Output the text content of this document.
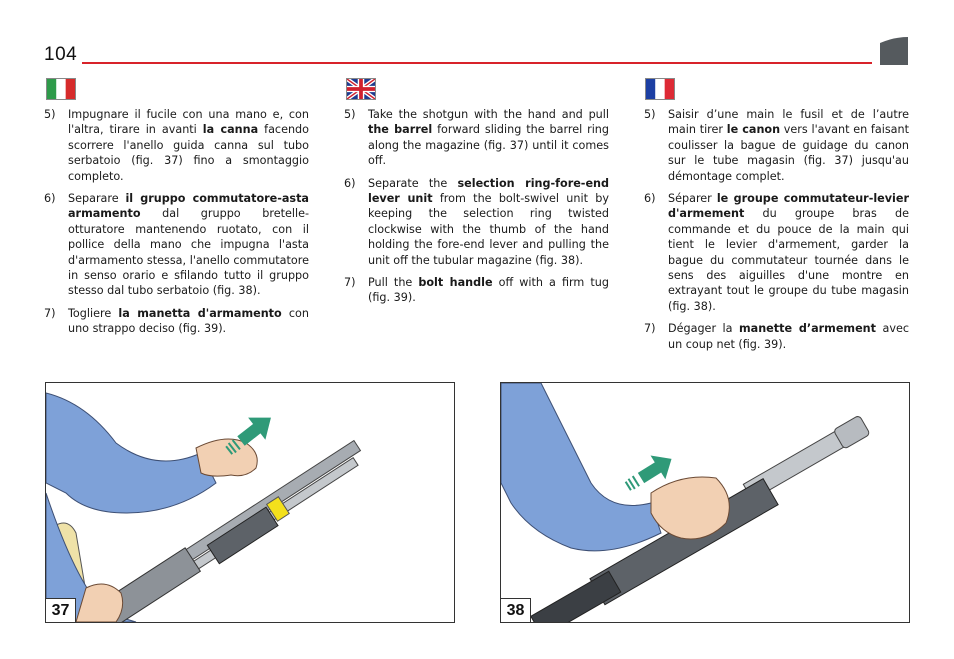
104

5) Impugnare il fucile con una mano e, con l'altra, tirare in avanti la canna facendo scorrere l'anello guida canna sul tubo serbatoio (fig. 37) fino a smontaggio completo.

6) Separare il gruppo commutatore-asta armamento dal gruppo bretelle-otturatore mantenendo ruotato, con il pollice della mano che impugna l'asta d'armamento stessa, l'anello commutatore in senso orario e sfilando tutto il gruppo stesso dal tubo serbatoio (fig. 38).

7) Togliere la manetta d'armamento con uno strappo deciso (fig. 39).

5) Take the shotgun with the hand and pull the barrel forward sliding the barrel ring along the magazine (fig. 37) until it comes off.

6) Separate the selection ring-fore-end lever unit from the bolt-swivel unit by keeping the selection ring twisted clockwise with the thumb of the hand holding the fore-end lever and pulling the unit off the tubular magazine (fig. 38).

7) Pull the bolt handle off with a firm tug (fig. 39).

5) Saisir d’une main le fusil et de l’autre main tirer le canon vers l'avant en faisant coulisser la bague de guidage du canon sur le tube magasin (fig. 37) jusqu'au démontage complet.

6) Séparer le groupe commutateur-levier d'armement du groupe bras de commande et du pouce de la main qui tient le levier d'armement, garder la bague du commutateur tournée dans le sens des aiguilles d'une montre en extrayant tout le groupe du tube magasin (fig. 38).

7) Dégager la manette d’armement avec un coup net (fig. 39).

37	38
